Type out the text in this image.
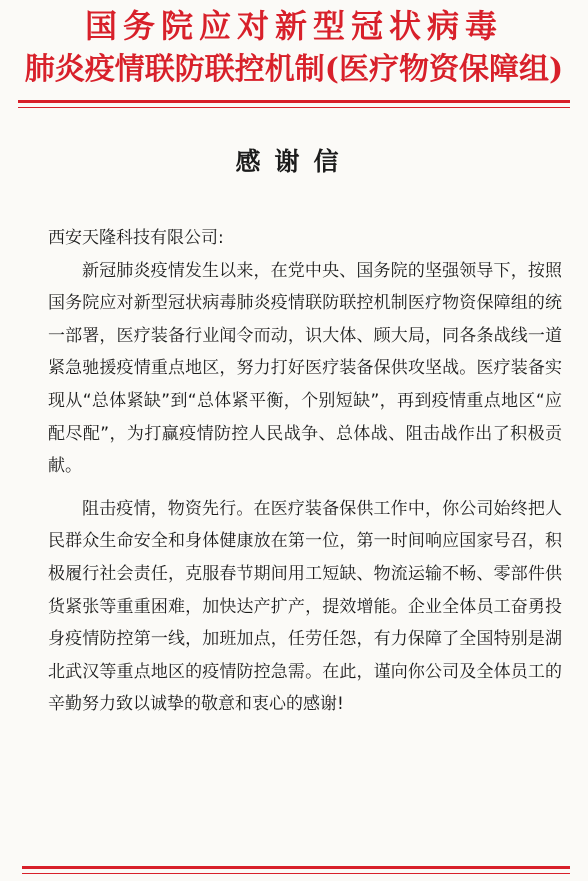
国务院应对新型冠状病毒
肺炎疫情联防联控机制(医疗物资保障组)
感谢信

西安天隆科技有限公司:

新冠肺炎疫情发生以来，在党中央、国务院的坚强领导下，按照国务院应对新型冠状病毒肺炎疫情联防联控机制医疗物资保障组的统一部署，医疗装备行业闻令而动，识大体、顾大局，同各条战线一道紧急驰援疫情重点地区，努力打好医疗装备保供攻坚战。医疗装备实现从“总体紧缺”到“总体紧平衡，个别短缺”，再到疫情重点地区“应配尽配”，为打赢疫情防控人民战争、总体战、阻击战作出了积极贡献。

阻击疫情，物资先行。在医疗装备保供工作中，你公司始终把人民群众生命安全和身体健康放在第一位，第一时间响应国家号召，积极履行社会责任，克服春节期间用工短缺、物流运输不畅、零部件供货紧张等重重困难，加快达产扩产，提效增能。企业全体员工奋勇投身疫情防控第一线，加班加点，任劳任怨，有力保障了全国特别是湖北武汉等重点地区的疫情防控急需。在此，谨向你公司及全体员工的辛勤努力致以诚挚的敬意和衷心的感谢!
